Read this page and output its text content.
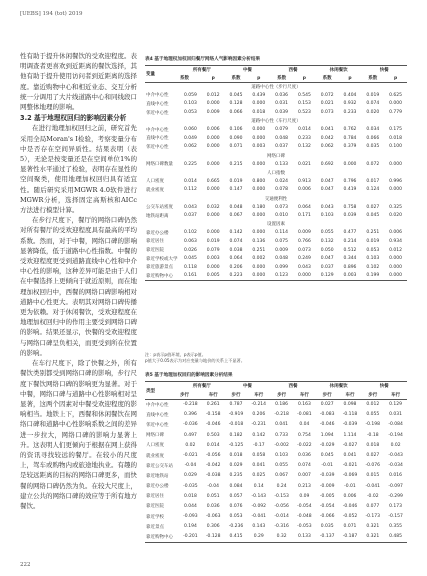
[UEBS] 194 (tot) 2019

性有助于提升休闲餐饮的受欢迎程度。表明调查者更喜欢到近距离的餐饮选择，其他有助于提升使用访问者到近距离的选择度。靠近购物中心和相近业态、交互分析统一分调用了大片线道路中心和同线段口网整体地理的影响。

3.2 基于地理权回归的影响因素分析

在进行地理加权回归之前，研究首先采用全局Moran's I检验，考察变量分布中是否存在空间异质性。结果表明（表5），无论是按变量还是在空间单位1%的显著性水平通过了检验，表明存在显性的空间聚类，使用地理加权回归具有适宜性。随后研究采用MGWR 4.0软件进行MGWR分析，选择固定高斯核和AICc方法进行模型计算。

在步行尺度下，餐厅的网络口碑仍然对所有餐厅的受欢迎程度具有最高的平均系数。然而，对于中餐，网络口碑的影响显著降低，低于道路中心性指数。中餐的受欢迎程度更受到道路直线中心性和中介中心性的影响，这种差异可能是由于人们在中餐选择上更倾向于就近原则，而在地理加权回归中，西餐的网络口碑影响相对道路中心性更大。表明其对网络口碑传播更为依赖。对于休闲餐饮，受欢迎程度在地理加权回归中的作用主要受到网络口碑的影响。结果还显示，快餐的受欢迎程度与网络口碑呈负相关，而更受到所在位置的影响。

在车行尺度下，除了快餐之外，所有餐饮类别都受到网络口碑的影响，步行尺度下餐饮网络口碑的影响更为显著。对于中餐，网络口碑与道路中心性影响相对呈显著，这两个因素对中餐受欢迎程度的影响相当。地铁上下，西餐和休闲餐饮在网络口碑和道路中心性影响系数之间的差异进一步拉大，网络口碑的影响力显著上升。这表明人们更倾向于根据在网上获得的资讯寻找较远的餐厅。在较小的尺度上，驾车或购物内或旅途地执业。有趣的是较远距离的目标的网络口碑更多，而快餐的网络口碑仍然为负。在较大尺度上，建立公共的网络口碑的效应等于所有地方餐饮。

表4 基于地理权加权回归餐厅网络人气影响因素分析结果
变量	所有餐厅		中餐		西餐		休闲餐饮		快餐	
	系数	p	系数	p	系数	p	系数	p	系数	p
道路中心性（步行尺度）										
中介中心性	0.059	0.012	0.045	0.439	0.036	0.545	0.072	0.404	0.019	0.625
直线中心性	0.103	0.000	0.128	0.000	0.031	0.153	0.021	0.932	0.074	0.000
邻近中心性	0.053	0.009	0.066	0.018	0.039	0.523	0.073	0.233	0.020	0.779
道路中心性（车行尺度）										
中介中心性	0.060	0.006	0.106	0.000	0.079	0.014	0.041	0.762	0.034	0.175
直线中心性	0.049	0.000	0.090	0.000	0.048	0.233	0.042	0.784	0.066	0.018
邻近中心性	0.062	0.000	0.071	0.003	0.037	0.132	0.062	0.379	0.035	0.100
网络口碑										
网络口碑数量	0.225	0.000	0.215	0.000	0.133	0.021	0.692	0.000	0.072	0.000
人口指数										
人口密度	0.014	0.665	0.019	0.800	0.024	0.913	0.047	0.796	0.017	0.996
就业密度	0.112	0.000	0.147	0.000	0.078	0.006	0.047	0.419	0.124	0.000
交通便利性										
公交车站密度	0.043	0.032	0.048	0.180	0.073	0.064	0.043	0.758	0.027	0.325
地铁站距离	0.037	0.000	0.067	0.000	0.010	0.171	0.103	0.039	0.045	0.020
设置因素										
靠近办公楼	0.102	0.000	0.142	0.000	0.114	0.009	0.055	0.477	0.251	0.006
靠近居住	0.063	0.019	0.074	0.136	0.075	0.766	0.132	0.214	0.019	0.934
靠近医院	0.026	0.079	0.038	0.251	0.009	0.073	0.050	0.512	0.053	0.012
靠近学校或大学	0.045	0.003	0.064	0.002	0.048	0.249	0.047	0.344	0.103	0.000
靠近旅游景点	0.118	0.000	0.206	0.000	0.099	0.043	0.037	0.896	0.102	0.000
靠近购物中心	0.161	0.005	0.223	0.000	0.123	0.000	0.129	0.003	0.199	0.000
注：p表示p值环境，p表示p值。
p值大于0.05表示为对应变量与地价的关系上不显著。
表5 基于地理加权回归的影响因素分析结果
类型	所有餐厅		中餐		西餐		休闲餐饮		快餐	
	步行	车行	步行	车行	步行	车行	步行	车行	步行	车行
中介中心性	-0.218	0.261	0.787	-0.214	0.186	0.163	0.027	0.098	0.012	0.129
直线中心性	0.396	-0.158	-0.919	0.206	-0.218	-0.081	-0.083	-0.118	0.055	0.031
邻近中心性	-0.036	-0.046	-0.018	-0.231	0.041	0.04	-0.046	-0.039	-0.198	-0.084
网络口碑	0.497	0.503	0.182	0.142	0.733	0.754	1.094	1.114	-0.18	-0.194
人口密度	0.02	0.014	-0.125	-0.17	-0.002	-0.022	-0.029	-0.027	0.018	0.02
就业密度	-0.021	-0.056	0.018	0.058	0.103	0.036	0.045	0.041	0.027	-0.043
靠近公交车站	-0.04	-0.042	0.029	0.041	0.055	0.074	-0.01	-0.021	-0.076	-0.034
靠近地铁站	0.029	-0.038	0.235	0.025	0.067	0.007	-0.039	-0.069	0.015	0.016
靠近办公楼	-0.035	-0.04	0.084	0.14	0.24	0.213	-0.009	-0.01	-0.041	-0.097
靠近居住	0.018	0.051	0.057	-0.143	-0.153	0.09	-0.005	0.006	-0.02	-0.299
靠近医院	0.044	0.036	0.076	-0.092	-0.056	-0.054	-0.054	-0.046	0.077	0.173
靠近学校	-0.093	-0.063	0.053	-0.041	-0.014	-0.048	-0.066	-0.052	-0.173	-0.157
靠近景点	0.194	0.306	-0.236	0.143	-0.316	-0.053	0.035	0.071	0.321	0.355
靠近购物中心	-0.201	-0.128	0.415	0.29	0.32	0.133	-0.137	-0.187	0.321	0.485
222
